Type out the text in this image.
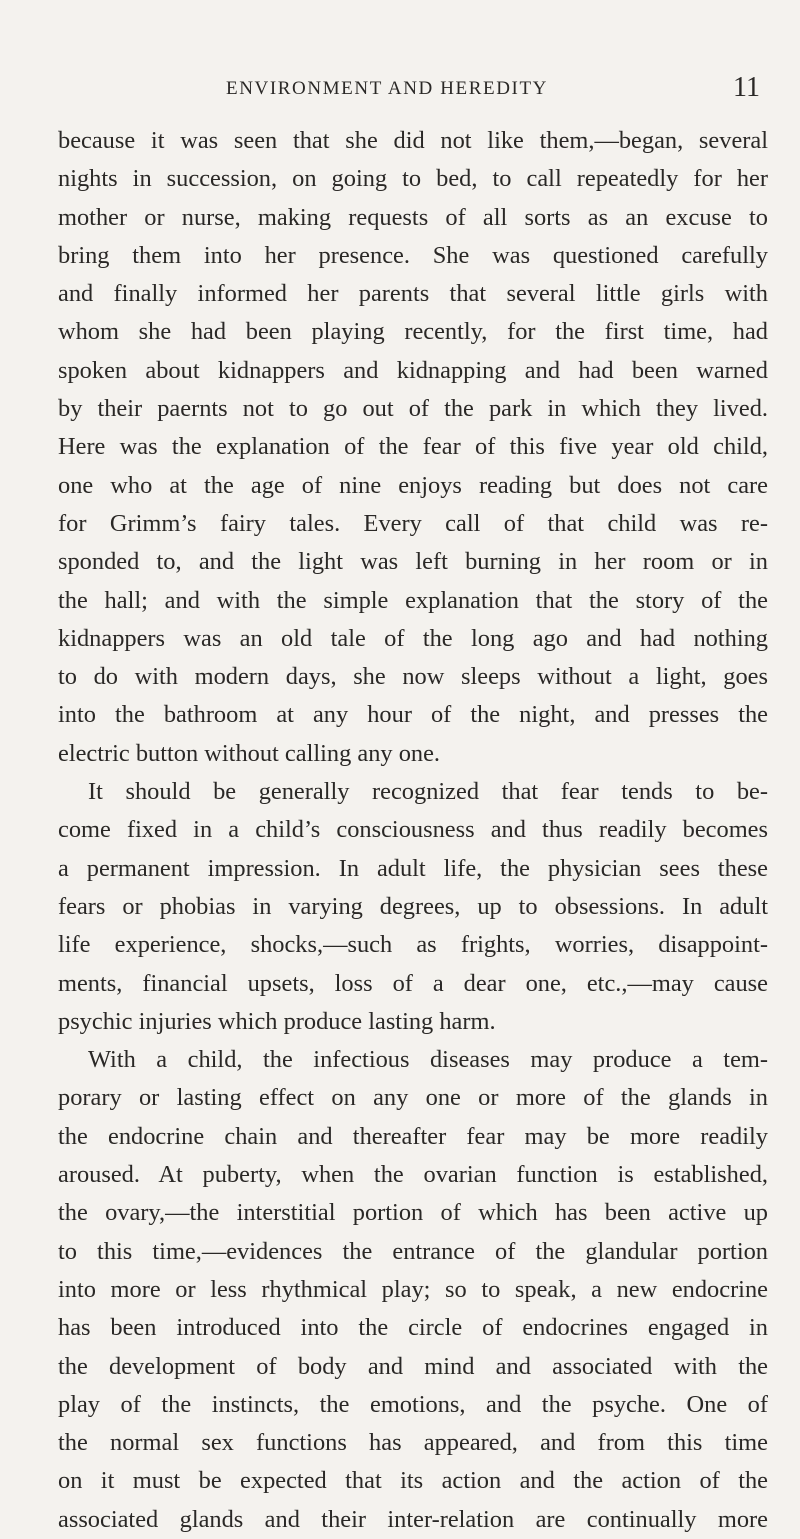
ENVIRONMENT AND HEREDITY	11
because it was seen that she did not like them,—began, several
nights in succession, on going to bed, to call repeatedly for her
mother or nurse, making requests of all sorts as an excuse to
bring them into her presence. She was questioned carefully
and finally informed her parents that several little girls with
whom she had been playing recently, for the first time, had
spoken about kidnappers and kidnapping and had been warned
by their paernts not to go out of the park in which they lived.
Here was the explanation of the fear of this five year old child,
one who at the age of nine enjoys reading but does not care
for Grimm’s fairy tales. Every call of that child was re-
sponded to, and the light was left burning in her room or in
the hall; and with the simple explanation that the story of the
kidnappers was an old tale of the long ago and had nothing
to do with modern days, she now sleeps without a light, goes
into the bathroom at any hour of the night, and presses the
electric button without calling any one.
It should be generally recognized that fear tends to be-
come fixed in a child’s consciousness and thus readily becomes
a permanent impression. In adult life, the physician sees these
fears or phobias in varying degrees, up to obsessions. In adult
life experience, shocks,—such as frights, worries, disappoint-
ments, financial upsets, loss of a dear one, etc.,—may cause
psychic injuries which produce lasting harm.
With a child, the infectious diseases may produce a tem-
porary or lasting effect on any one or more of the glands in
the endocrine chain and thereafter fear may be more readily
aroused. At puberty, when the ovarian function is established,
the ovary,—the interstitial portion of which has been active up
to this time,—evidences the entrance of the glandular portion
into more or less rhythmical play; so to speak, a new endocrine
has been introduced into the circle of endocrines engaged in
the development of body and mind and associated with the
play of the instincts, the emotions, and the psyche. One of
the normal sex functions has appeared, and from this time
on it must be expected that its action and the action of the
associated glands and their inter-relation are continually more
